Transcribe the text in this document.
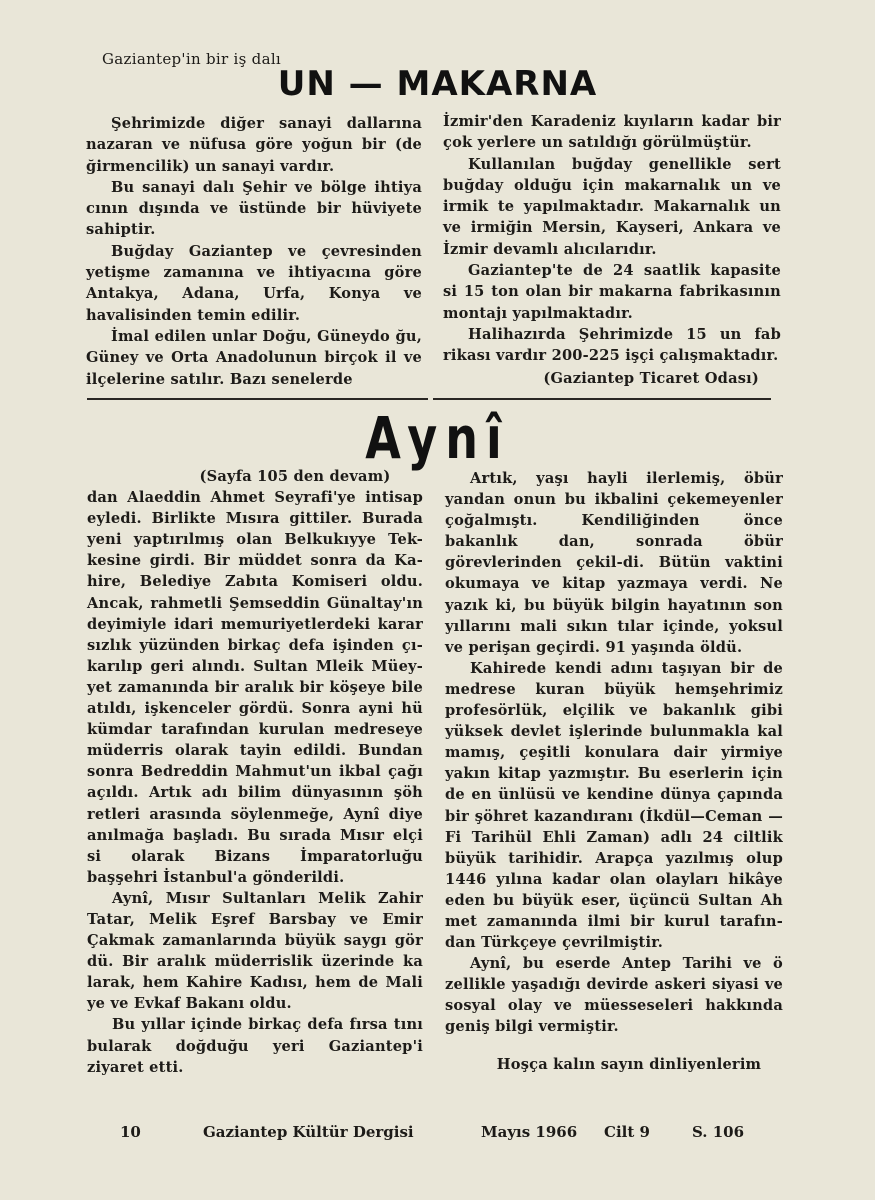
Gaziantep'in bir iş dalı
UN — MAKARNA

Şehrimizde diğer sanayi dallarına nazaran ve nüfusa göre yoğun bir (de ğirmencilik) un sanayi vardır.

Bu sanayi dalı Şehir ve bölge ihtiya cının dışında ve üstünde bir hüviyete sahiptir.

Buğday Gaziantep ve çevresinden yetişme zamanına ve ihtiyacına göre Antakya, Adana, Urfa, Konya ve havalisinden temin edilir.

İmal edilen unlar Doğu, Güneydo ğu, Güney ve Orta Anadolunun birçok il ve ilçelerine satılır. Bazı senelerde

İzmir'den Karadeniz kıyıların kadar bir çok yerlere un satıldığı görülmüştür.

Kullanılan buğday genellikle sert buğday olduğu için makarnalık un ve irmik te yapılmaktadır. Makarnalık un ve irmiğin Mersin, Kayseri, Ankara ve İzmir devamlı alıcılarıdır.

Gaziantep'te de 24 saatlik kapasite si 15 ton olan bir makarna fabrikasının montajı yapılmaktadır.

Halihazırda Şehrimizde 15 un fab rikası vardır 200-225 işçi çalışmaktadır.

(Gaziantep Ticaret Odası)

Aynî

(Sayfa 105 den devam)

dan Alaeddin Ahmet Seyrafi'ye intisap eyledi. Birlikte Mısıra gittiler. Burada yeni yaptırılmış olan Belkukıyye Tek-kesine girdi. Bir müddet sonra da Ka-hire, Belediye Zabıta Komiseri oldu. Ancak, rahmetli Şemseddin Günaltay'ın deyimiyle idari memuriyetlerdeki karar sızlık yüzünden birkaç defa işinden çı-karılıp geri alındı. Sultan Mleik Müey-yet zamanında bir aralık bir köşeye bile atıldı, işkenceler gördü. Sonra ayni hü kümdar tarafından kurulan medreseye müderris olarak tayin edildi. Bundan sonra Bedreddin Mahmut'un ikbal çağı açıldı. Artık adı bilim dünyasının şöh retleri arasında söylenmeğe, Aynî diye anılmağa başladı. Bu sırada Mısır elçi si olarak Bizans İmparatorluğu başşehri İstanbul'a gönderildi.

Aynî, Mısır Sultanları Melik Zahir Tatar, Melik Eşref Barsbay ve Emir Çakmak zamanlarında büyük saygı gör dü. Bir aralık müderrislik üzerinde ka larak, hem Kahire Kadısı, hem de Mali ye ve Evkaf Bakanı oldu.

Bu yıllar içinde birkaç defa fırsa tını bularak doğduğu yeri Gaziantep'i ziyaret etti.

Artık, yaşı hayli ilerlemiş, öbür yandan onun bu ikbalini çekemeyenler çoğalmıştı. Kendiliğinden önce bakanlık dan, sonrada öbür görevlerinden çekil-di. Bütün vaktini okumaya ve kitap yazmaya verdi. Ne yazık ki, bu büyük bilgin hayatının son yıllarını mali sıkın tılar içinde, yoksul ve perişan geçirdi. 91 yaşında öldü.

Kahirede kendi adını taşıyan bir de medrese kuran büyük hemşehrimiz profesörlük, elçilik ve bakanlık gibi yüksek devlet işlerinde bulunmakla kal mamış, çeşitli konulara dair yirmiye yakın kitap yazmıştır. Bu eserlerin için de en ünlüsü ve kendine dünya çapında bir şöhret kazandıranı (İkdül—Ceman —Fi Tarihül Ehli Zaman) adlı 24 ciltlik büyük tarihidir. Arapça yazılmış olup 1446 yılına kadar olan olayları hikâye eden bu büyük eser, üçüncü Sultan Ah met zamanında ilmi bir kurul tarafın-dan Türkçeye çevrilmiştir.

Aynî, bu eserde Antep Tarihi ve ö zellikle yaşadığı devirde askeri siyasi ve sosyal olay ve müesseseleri hakkında geniş bilgi vermiştir.

Hoşça kalın sayın dinliyenlerim

10	Gaziantep Kültür Dergisi	Mayıs 1966 Cilt 9	S. 106
